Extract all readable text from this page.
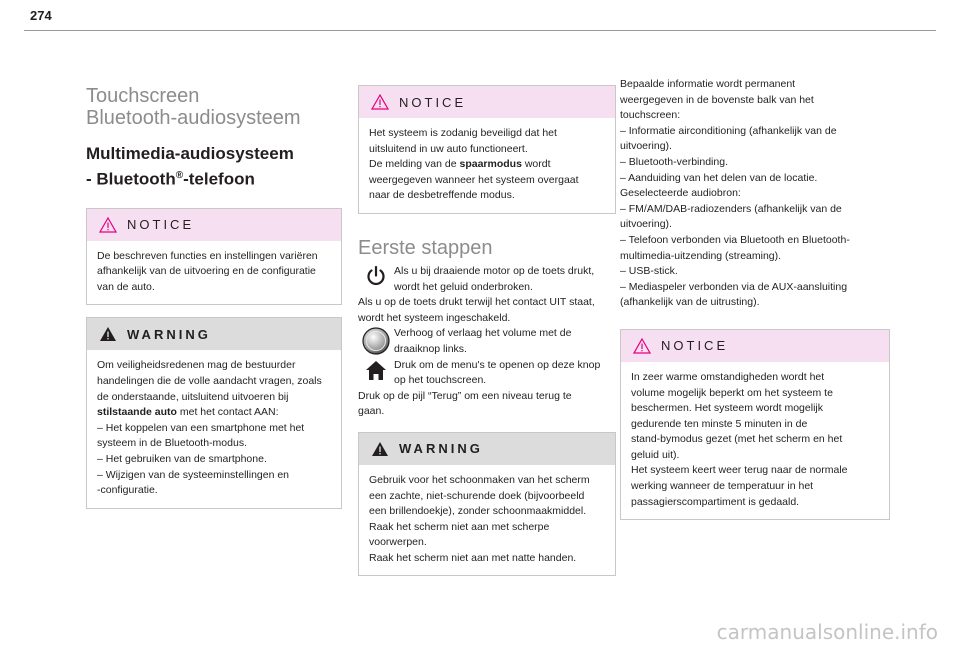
274
Touchscreen
Bluetooth-audiosysteem
Multimedia-audiosysteem
- Bluetooth®-telefoon
NOTICE
De beschreven functies en instellingen variëren
afhankelijk van de uitvoering en de configuratie
van de auto.
WARNING
Om veiligheidsredenen mag de bestuurder
handelingen die de volle aandacht vragen, zoals
de onderstaande, uitsluitend uitvoeren bij
stilstaande auto met het contact AAN:
– Het koppelen van een smartphone met het
systeem in de Bluetooth-modus.
– Het gebruiken van de smartphone.
– Wijzigen van de systeeminstellingen en
-configuratie.
NOTICE
Het systeem is zodanig beveiligd dat het
uitsluitend in uw auto functioneert.
De melding van de spaarmodus wordt
weergegeven wanneer het systeem overgaat
naar de desbetreffende modus.
Eerste stappen
Als u bij draaiende motor op de toets drukt,
wordt het geluid onderbroken.
Als u op de toets drukt terwijl het contact UIT staat,
wordt het systeem ingeschakeld.
Verhoog of verlaag het volume met de
draaiknop links.
Druk om de menu's te openen op deze knop
op het touchscreen.
Druk op de pijl “Terug” om een niveau terug te
gaan.
WARNING
Gebruik voor het schoonmaken van het scherm
een zachte, niet-schurende doek (bijvoorbeeld
een brillendoekje), zonder schoonmaakmiddel.
Raak het scherm niet aan met scherpe
voorwerpen.
Raak het scherm niet aan met natte handen.
Bepaalde informatie wordt permanent
weergegeven in de bovenste balk van het
touchscreen:
– Informatie airconditioning (afhankelijk van de
uitvoering).
– Bluetooth-verbinding.
– Aanduiding van het delen van de locatie.
Geselecteerde audiobron:
– FM/AM/DAB-radiozenders (afhankelijk van de
uitvoering).
– Telefoon verbonden via Bluetooth en Bluetooth-
multimedia-uitzending (streaming).
– USB-stick.
– Mediaspeler verbonden via de AUX-aansluiting
(afhankelijk van de uitrusting).
NOTICE
In zeer warme omstandigheden wordt het
volume mogelijk beperkt om het systeem te
beschermen. Het systeem wordt mogelijk
gedurende ten minste 5 minuten in de
stand-bymodus gezet (met het scherm en het
geluid uit).
Het systeem keert weer terug naar de normale
werking wanneer de temperatuur in het
passagierscompartiment is gedaald.
carmanualsonline.info
